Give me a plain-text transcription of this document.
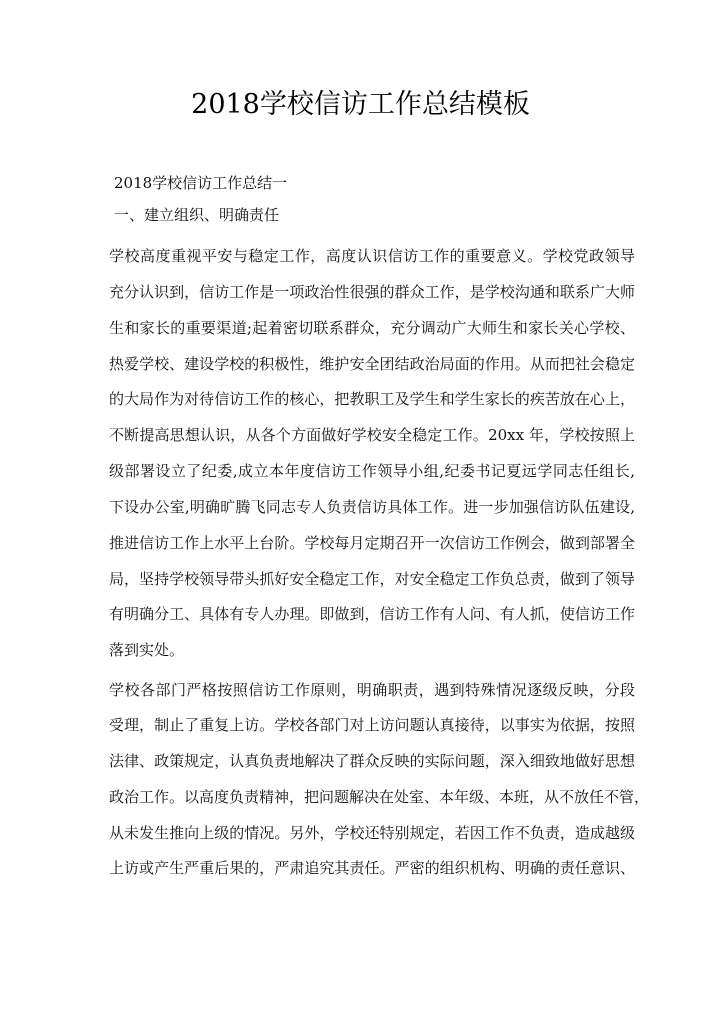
2018学校信访工作总结模板
2018学校信访工作总结一
一、建立组织、明确责任
学校高度重视平安与稳定工作，高度认识信访工作的重要意义。学校党政领导
充分认识到，信访工作是一项政治性很强的群众工作，是学校沟通和联系广大师
生和家长的重要渠道;起着密切联系群众，充分调动广大师生和家长关心学校、
热爱学校、建设学校的积极性，维护安全团结政治局面的作用。从而把社会稳定
的大局作为对待信访工作的核心，把教职工及学生和学生家长的疾苦放在心上，
不断提高思想认识，从各个方面做好学校安全稳定工作。20xx 年，学校按照上
级部署设立了纪委,成立本年度信访工作领导小组,纪委书记夏远学同志任组长,
下设办公室,明确旷腾飞同志专人负责信访具体工作。进一步加强信访队伍建设,
推进信访工作上水平上台阶。学校每月定期召开一次信访工作例会，做到部署全
局，坚持学校领导带头抓好安全稳定工作，对安全稳定工作负总责，做到了领导
有明确分工、具体有专人办理。即做到，信访工作有人问、有人抓，使信访工作
落到实处。
学校各部门严格按照信访工作原则，明确职责，遇到特殊情况逐级反映，分段
受理，制止了重复上访。学校各部门对上访问题认真接待，以事实为依据，按照
法律、政策规定，认真负责地解决了群众反映的实际问题，深入细致地做好思想
政治工作。以高度负责精神，把问题解决在处室、本年级、本班，从不放任不管，
从未发生推向上级的情况。另外，学校还特别规定，若因工作不负责，造成越级
上访或产生严重后果的，严肃追究其责任。严密的组织机构、明确的责任意识、
